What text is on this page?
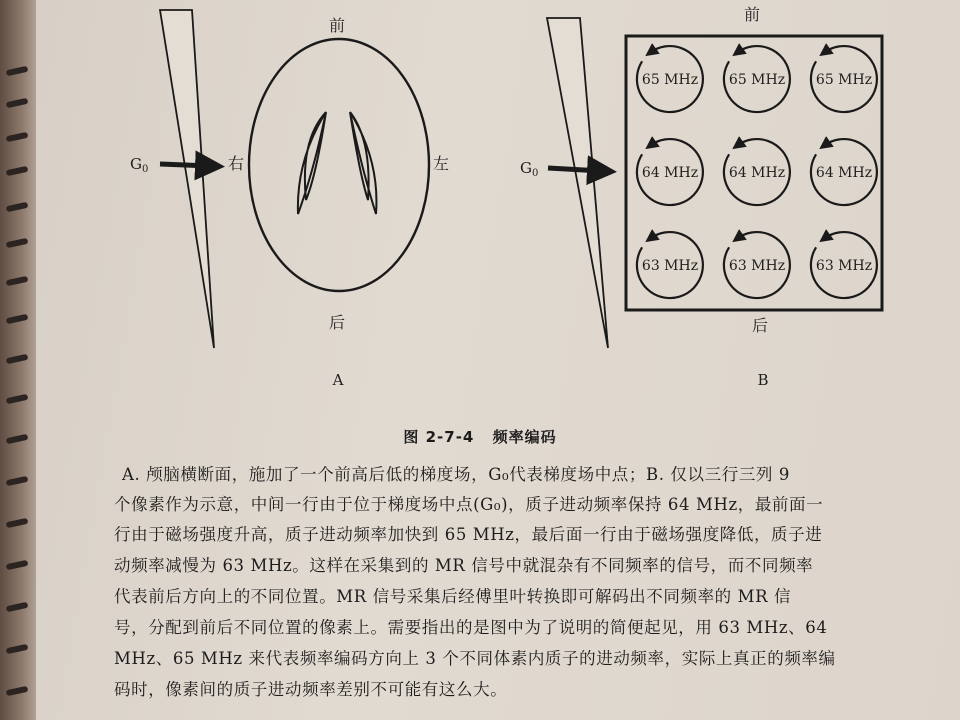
$G_0$
前
后
右	左
A
$G_0$
65 MHz 65 MHz 65 MHz
64 MHz 64 MHz 64 MHz
63 MHz 63 MHz 63 MHz
前
后
B
图 2-7-4 频率编码
A. 颅脑横断面，施加了一个前高后低的梯度场，G₀代表梯度场中点；B. 仅以三行三列 9
个像素作为示意，中间一行由于位于梯度场中点(G₀)，质子进动频率保持 64 MHz，最前面一
行由于磁场强度升高，质子进动频率加快到 65 MHz，最后面一行由于磁场强度降低，质子进
动频率减慢为 63 MHz。这样在采集到的 MR 信号中就混杂有不同频率的信号，而不同频率
代表前后方向上的不同位置。MR 信号采集后经傅里叶转换即可解码出不同频率的 MR 信
号，分配到前后不同位置的像素上。需要指出的是图中为了说明的简便起见，用 63 MHz、64
MHz、65 MHz 来代表频率编码方向上 3 个不同体素内质子的进动频率，实际上真正的频率编
码时，像素间的质子进动频率差别不可能有这么大。
